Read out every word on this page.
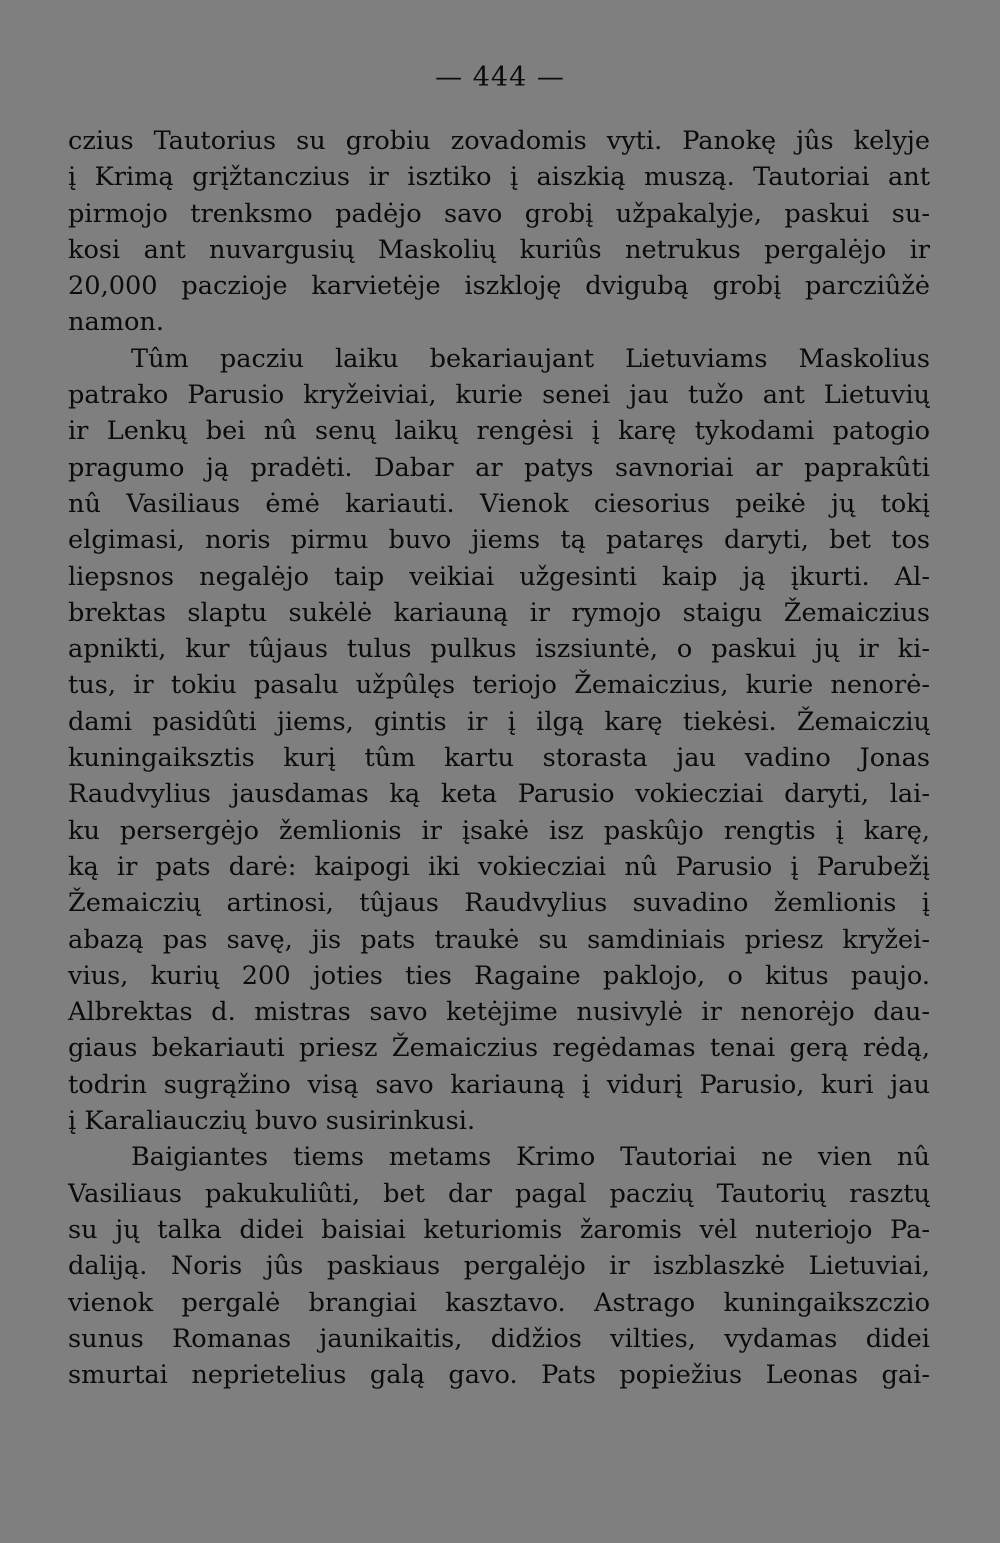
— 444 —
czius Tautorius su grobiu zovadomis vyti. Panokę jûs kelyje
į Krimą grįžtanczius ir isztiko į aiszkią muszą. Tautoriai ant
pirmojo trenksmo padėjo savo grobį užpakalyje, paskui su-
kosi ant nuvargusių Maskolių kuriûs netrukus pergalėjo ir
20,000 paczioje karvietėje iszkloję dvigubą grobį parcziûžė
namon.
Tûm pacziu laiku bekariaujant Lietuviams Maskolius
patrako Parusio kryžeiviai, kurie senei jau tužo ant Lietuvių
ir Lenkų bei nû senų laikų rengėsi į karę tykodami patogio
pragumo ją pradėti. Dabar ar patys savnoriai ar paprakûti
nû Vasiliaus ėmė kariauti. Vienok ciesorius peikė jų tokį
elgimasi, noris pirmu buvo jiems tą pataręs daryti, bet tos
liepsnos negalėjo taip veikiai užgesinti kaip ją įkurti. Al-
brektas slaptu sukėlė kariauną ir rymojo staigu Žemaiczius
apnikti, kur tûjaus tulus pulkus iszsiuntė, o paskui jų ir ki-
tus, ir tokiu pasalu užpûlęs teriojo Žemaiczius, kurie nenorė-
dami pasidûti jiems, gintis ir į ilgą karę tiekėsi. Žemaiczių
kuningaiksztis kurį tûm kartu storasta jau vadino Jonas
Raudvylius jausdamas ką keta Parusio vokiecziai daryti, lai-
ku persergėjo žemlionis ir įsakė isz paskûjo rengtis į karę,
ką ir pats darė: kaipogi iki vokiecziai nû Parusio į Parubežį
Žemaiczių artinosi, tûjaus Raudvylius suvadino žemlionis į
abazą pas savę, jis pats traukė su samdiniais priesz kryžei-
vius, kurių 200 joties ties Ragaine paklojo, o kitus paujo.
Albrektas d. mistras savo ketėjime nusivylė ir nenorėjo dau-
giaus bekariauti priesz Žemaiczius regėdamas tenai gerą rėdą,
todrin sugrąžino visą savo kariauną į vidurį Parusio, kuri jau
į Karaliauczių buvo susirinkusi.
Baigiantes tiems metams Krimo Tautoriai ne vien nû
Vasiliaus pakukuliûti, bet dar pagal paczių Tautorių rasztų
su jų talka didei baisiai keturiomis žaromis vėl nuteriojo Pa-
daliją. Noris jûs paskiaus pergalėjo ir iszblaszkė Lietuviai,
vienok pergalė brangiai kasztavo. Astrago kuningaikszczio
sunus Romanas jaunikaitis, didžios vilties, vydamas didei
smurtai neprietelius galą gavo. Pats popiežius Leonas gai-
